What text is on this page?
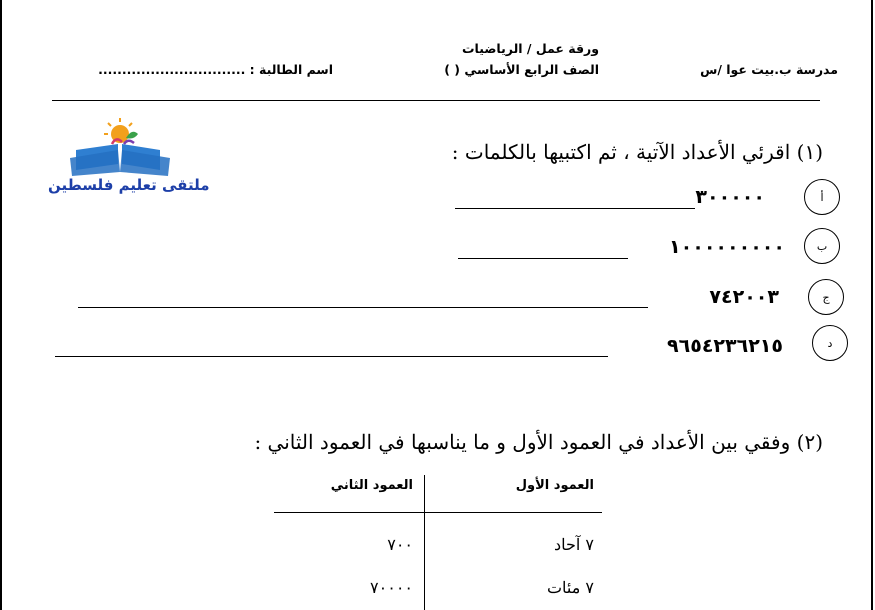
مدرسة ب.بيت عوا /س
ورقة عمل / الرياضيات
الصف الرابع الأساسي ( )
اسم الطالبة : ...............................
ملتقى تعليم فلسطين
(١) اقرئي الأعداد الآتية ، ثم اكتبيها بالكلمات :
أ
٣٠٠٠٠٠
ب
١٠٠٠٠٠٠٠٠٠
ج
٧٤٢٠٠٣
د
٩٦٥٤٢٣٦٢١٥
(٢) وفقي بين الأعداد في العمود الأول و ما يناسبها في العمود الثاني :
العمود الأول
العمود الثاني
٧ آحاد
٧٠٠
٧ مئات
٧٠٠٠٠
